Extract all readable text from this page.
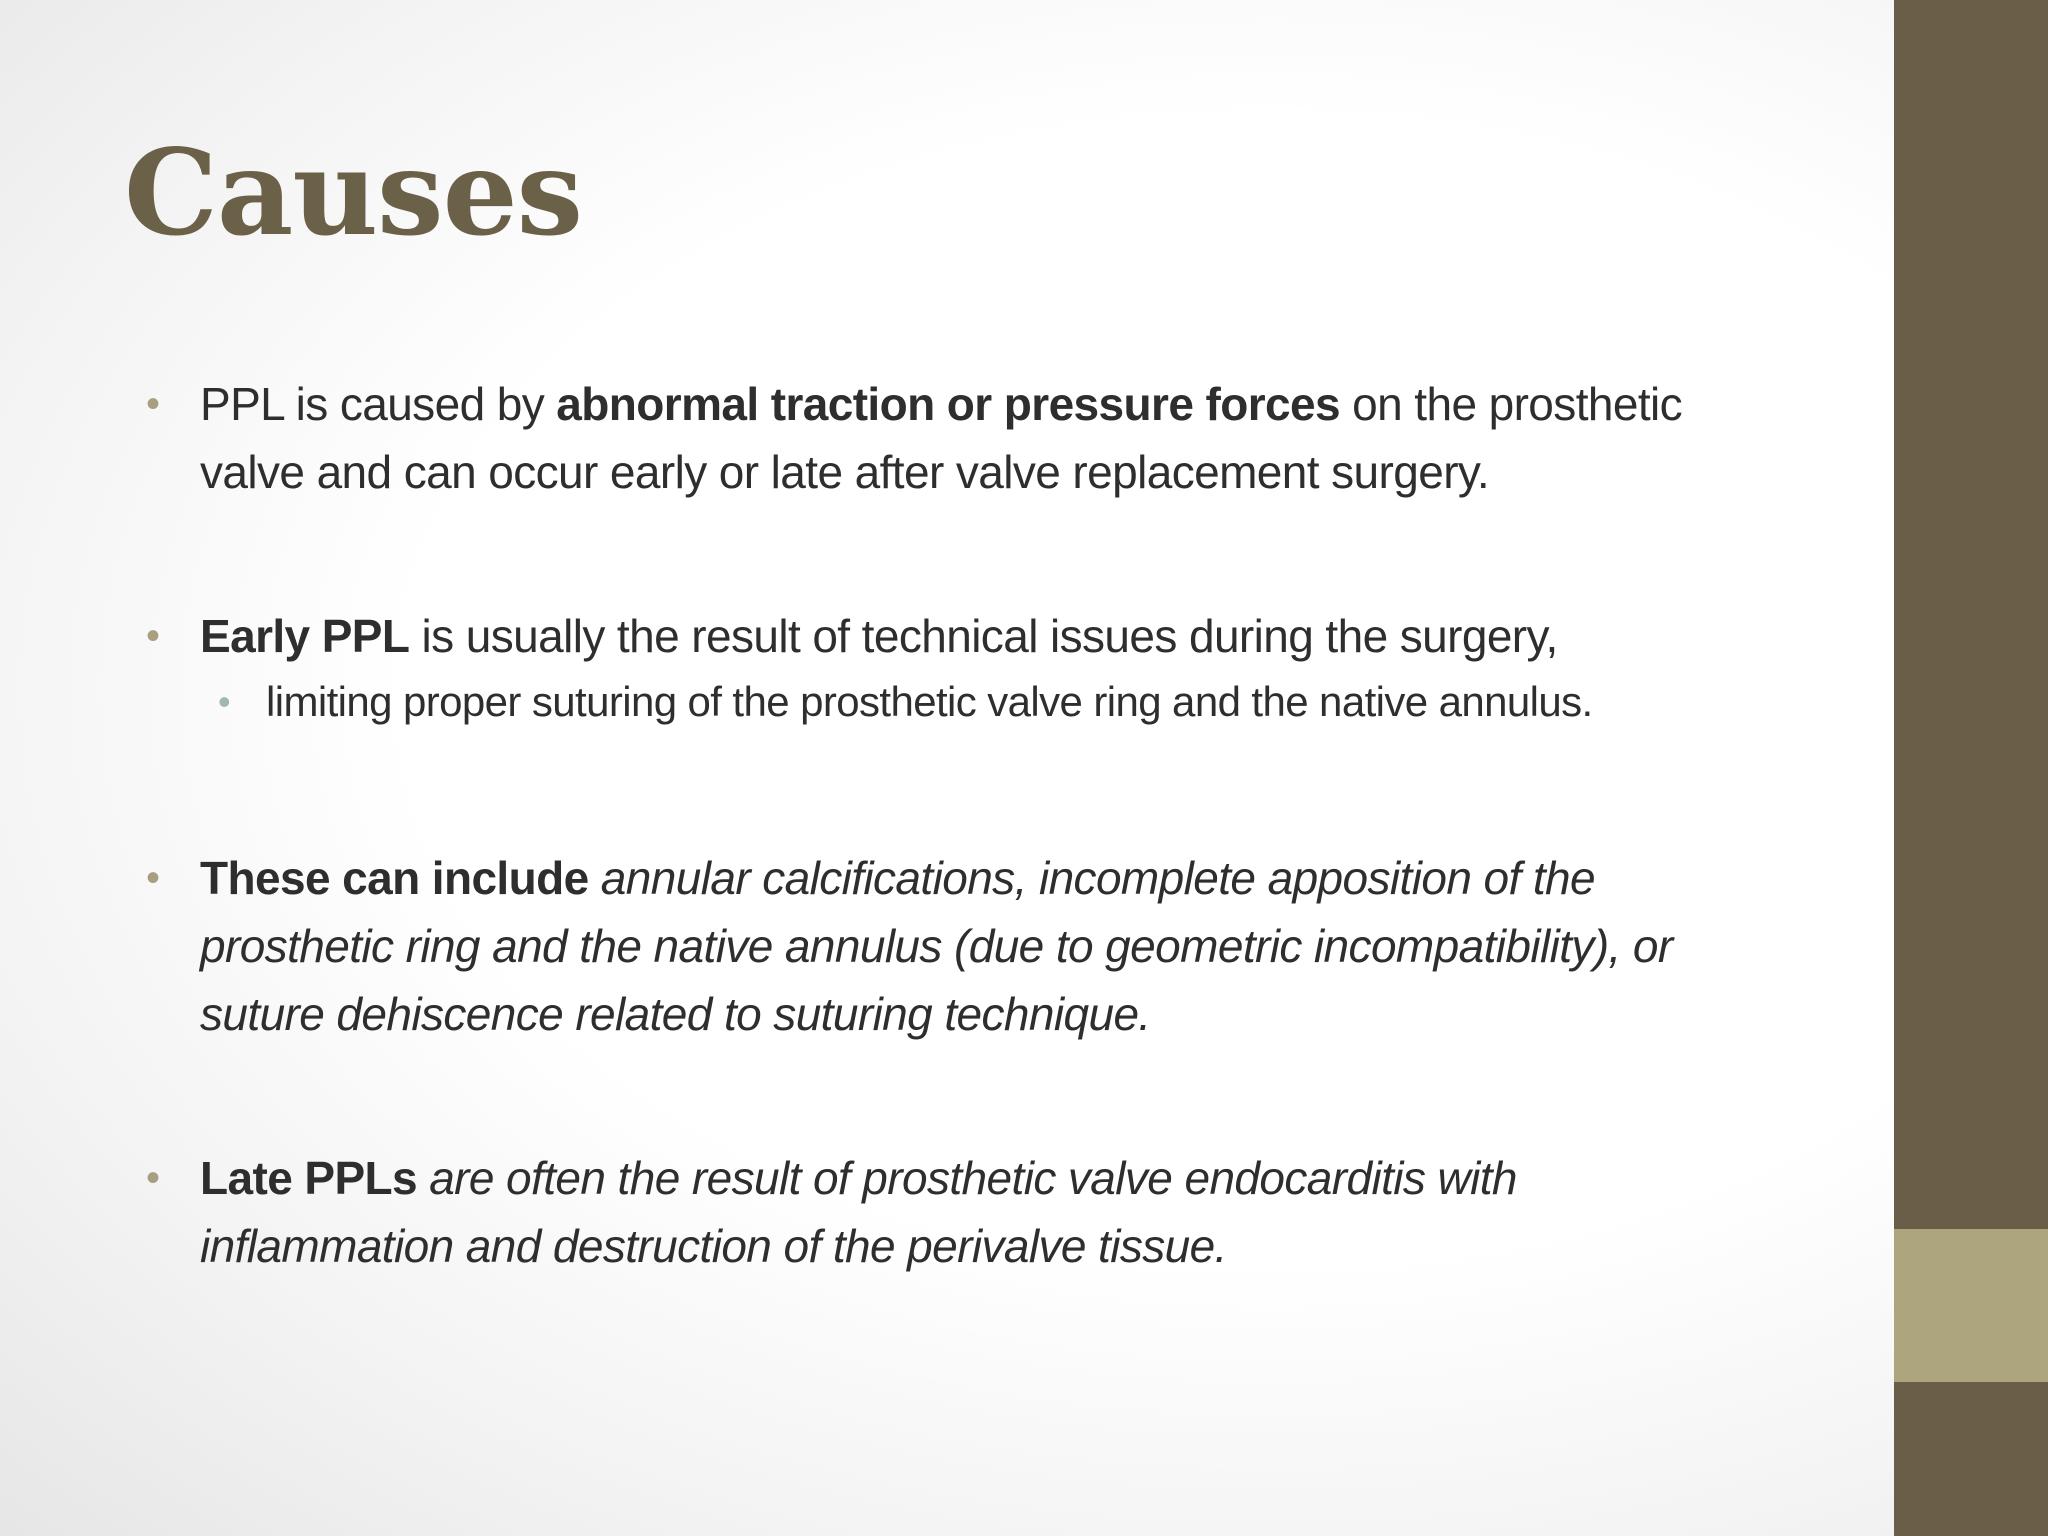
Causes
• PPL is caused by abnormal traction or pressure forces on the prosthetic valve and can occur early or late after valve replacement surgery.
• Early PPL is usually the result of technical issues during the surgery,
• limiting proper suturing of the prosthetic valve ring and the native annulus.
• These can include annular calcifications, incomplete apposition of the prosthetic ring and the native annulus (due to geometric incompatibility), or suture dehiscence related to suturing technique.
• Late PPLs are often the result of prosthetic valve endocarditis with inflammation and destruction of the perivalve tissue.
